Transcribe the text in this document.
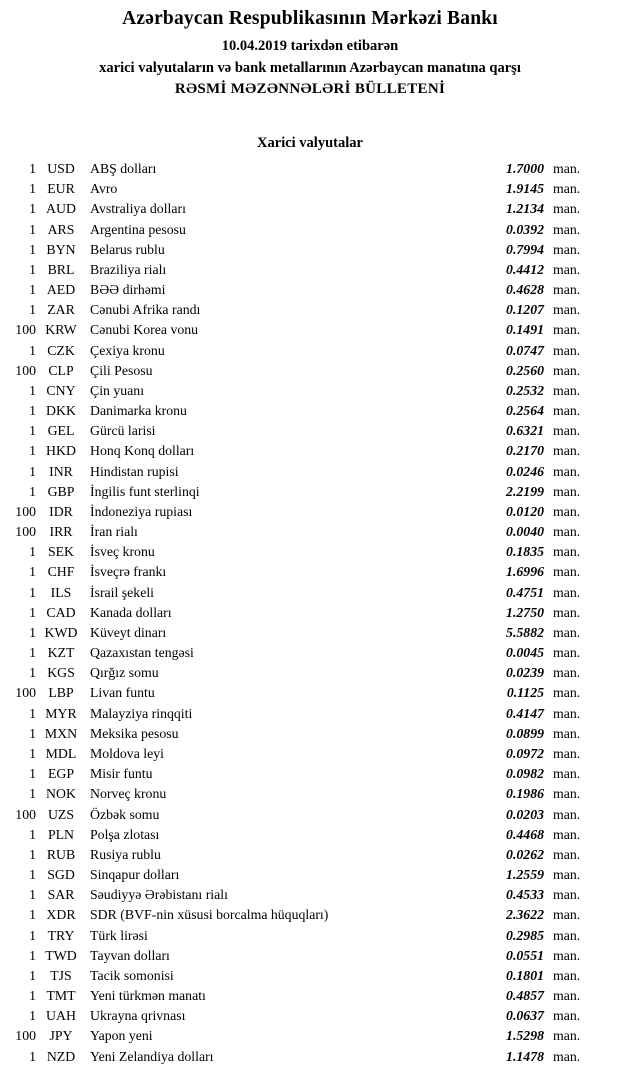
Azərbaycan Respublikasının Mərkəzi Bankı
10.04.2019 tarixdən etibarən
xarici valyutaların və bank metallarının Azərbaycan manatına qarşı
RƏSMİ MƏZƏNNƏLƏRİ BÜLLETENİ
Xarici valyutalar
1 USD	ABŞ dolları	1.7000 man.
1 EUR	Avro	1.9145 man.
1 AUD	Avstraliya dolları	1.2134 man.
1 ARS	Argentina pesosu	0.0392 man.
1 BYN	Belarus rublu	0.7994 man.
1 BRL	Braziliya rialı	0.4412 man.
1 AED	BƏƏ dirhəmi	0.4628 man.
1 ZAR	Cənubi Afrika randı	0.1207 man.
100 KRW Cənubi Korea vonu	0.1491 man.
1 CZK	Çexiya kronu	0.0747 man.
100 CLP	Çili Pesosu	0.2560 man.
1 CNY	Çin yuanı	0.2532 man.
1 DKK	Danimarka kronu	0.2564 man.
1 GEL	Gürcü larisi	0.6321 man.
1 HKD	Honq Konq dolları	0.2170 man.
1 INR	Hindistan rupisi	0.0246 man.
1 GBP	İngilis funt sterlinqi	2.2199 man.
100 IDR	İndoneziya rupiası	0.0120 man.
100 IRR	İran rialı	0.0040 man.
1 SEK	İsveç kronu	0.1835 man.
1 CHF	İsveçrə frankı	1.6996 man.
1	ILS	İsrail şekeli	0.4751 man.
1 CAD	Kanada dolları	1.2750 man.
1 KWD Küveyt dinarı	5.5882 man.
1 KZT	Qazaxıstan tengəsi	0.0045 man.
1 KGS	Qırğız somu	0.0239 man.
100 LBP	Livan funtu	0.1125 man.
1 MYR Malayziya rinqqiti	0.4147 man.
1 MXN Meksika pesosu	0.0899 man.
1 MDL Moldova leyi	0.0972 man.
1 EGP	Misir funtu	0.0982 man.
1 NOK	Norveç kronu	0.1986 man.
100 UZS	Özbək somu	0.0203 man.
1 PLN	Polşa zlotası	0.4468 man.
1 RUB	Rusiya rublu	0.0262 man.
1 SGD	Sinqapur dolları	1.2559 man.
1 SAR	Səudiyyə Ərəbistanı rialı	0.4533 man.
1 XDR	SDR (BVF-nin xüsusi borcalma hüquqları)	2.3622 man.
1 TRY	Türk lirəsi	0.2985 man.
1 TWD Tayvan dolları	0.0551 man.
1	TJS	Tacik somonisi	0.1801 man.
1 TMT	Yeni türkmən manatı	0.4857 man.
1 UAH	Ukrayna qrivnası	0.0637 man.
100 JPY	Yapon yeni	1.5298 man.
1 NZD	Yeni Zelandiya dolları	1.1478 man.
